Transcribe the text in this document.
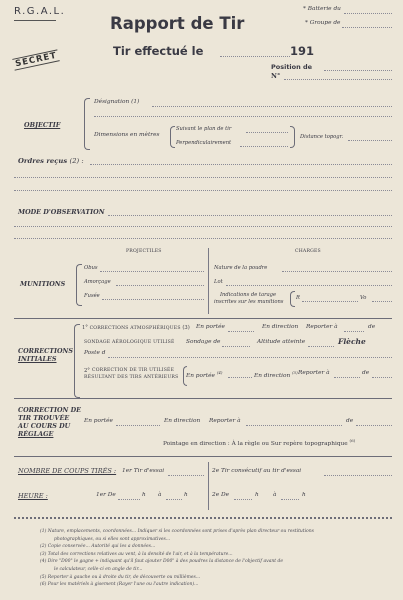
R.G.A.L.	* Batterie du
* Groupe de
Rapport de Tir
Tir effectué le	191
SECRET	Position de
N°
Désignation (1)
OBJECTIF
Dimensions en mètres
Suivant le plan de tir
Perpendiculairement
Distance topogr.
Ordres reçus (2) :
MODE D'OBSERVATION
PROJECTILES	CHARGES
MUNITIONS
Obus
Amorçage
Fusée
Nature de la poudre
Lot
Indications de tarage
inscrites sur les munitions
R	Vo
CORRECTIONS
INITIALES
1° CORRECTIONS ATMOSPHÉRIQUES (3) En portée	En direction Reporter à	de
SONDAGE AÉROLOGIQUE UTILISÉ Sondage de	Altitude atteinte	Flèche
Poste d
2° CORRECTION DE TIR UTILISÉE
RÉSULTANT DES TIRS ANTÉRIEURS En portée $^{(4)}$
En direction $^{(5)}$ Reporter à	de
CORRECTION DE
TIR TROUVÉE
AU COURS DU
RÉGLAGE
En portée	En direction Reporter à	de
Pointage en direction : À la règle ou Sur repère topographique $^{(6)}$
NOMBRE DE COUPS TIRÉS : 1er Tir d'essai	2e Tir consécutif au tir d'essai
HEURE :	1er De	h à	h	2e De	h à	h
(1) Nature, emplacements, coordonnées... Indiquer si les coordonnées sont prises d'après plan directeur ou restitutions
photographiques, ou si elles sont approximatives...
(2) Copie conservée... Autorité qui les a données...
(3) Total des corrections relatives au vent, à la densité de l'air, et à la température...
(4) Dire "D00" le gagne + indiquant qu'il faut ajouter D00" à des poudres la distance de l'objectif avant de
le calculateur, celle-ci en angle de tir...
(5) Reporter à gauche ou à droite du tir, de découverte ou millièmes...
(6) Pour les matériels à gisement (Rayer l'une ou l'autre indication)...
